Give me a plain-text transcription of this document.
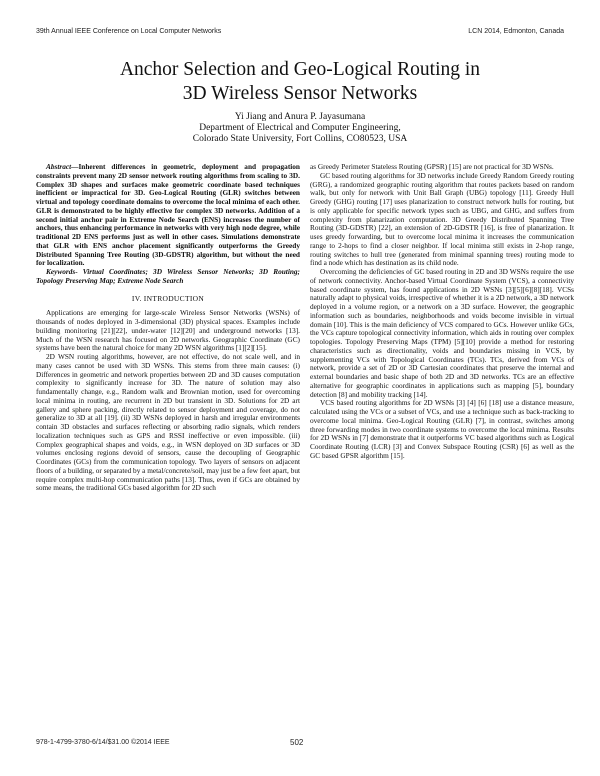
39th Annual IEEE Conference on Local Computer Networks	LCN 2014, Edmonton, Canada
Anchor Selection and Geo-Logical Routing in
3D Wireless Sensor Networks
Yi Jiang and Anura P. Jayasumana
Department of Electrical and Computer Engineering,
Colorado State University, Fort Collins, CO80523, USA

Abstract—Inherent differences in geometric, deployment and propagation constraints prevent many 2D sensor network routing algorithms from scaling to 3D. Complex 3D shapes and surfaces make geometric coordinate based techniques inefficient or impractical for 3D. Geo-Logical Routing (GLR) switches between virtual and topology coordinate domains to overcome the local minima of each other. GLR is demonstrated to be highly effective for complex 3D networks. Addition of a second initial anchor pair in Extreme Node Search (ENS) increases the number of anchors, thus enhancing performance in networks with very high node degree, while traditional 2D ENS performs just as well in other cases. Simulations demonstrate that GLR with ENS anchor placement significantly outperforms the Greedy Distributed Spanning Tree Routing (3D-GDSTR) algorithm, but without the need for localization.

Keywords- Virtual Coordinates; 3D Wireless Sensor Networks; 3D Routing; Topology Preserving Map; Extreme Node Search

IV. INTRODUCTION

Applications are emerging for large-scale Wireless Sensor Networks (WSNs) of thousands of nodes deployed in 3-dimensional (3D) physical spaces. Examples include building monitoring [21][22], under-water [12][20] and underground networks [13]. Much of the WSN research has focused on 2D networks. Geographic Coordinate (GC) systems have been the natural choice for many 2D WSN algorithms [1][2][15].

2D WSN routing algorithms, however, are not effective, do not scale well, and in many cases cannot be used with 3D WSNs. This stems from three main causes: (i) Differences in geometric and network properties between 2D and 3D causes computation complexity to significantly increase for 3D. The nature of solution may also fundamentally change, e.g., Random walk and Brownian motion, used for overcoming local minima in routing, are recurrent in 2D but transient in 3D. Solutions for 2D art gallery and sphere packing, directly related to sensor deployment and coverage, do not generalize to 3D at all [19]. (ii) 3D WSNs deployed in harsh and irregular environments contain 3D obstacles and surfaces reflecting or absorbing radio signals, which renders localization techniques such as GPS and RSSI ineffective or even impossible. (iii) Complex geographical shapes and voids, e.g., in WSN deployed on 3D surfaces or 3D volumes enclosing regions devoid of sensors, cause the decoupling of Geographic Coordinates (GCs) from the communication topology. Two layers of sensors on adjacent floors of a building, or separated by a metal/concrete/soil, may just be a few feet apart, but require complex multi-hop communication paths [13]. Thus, even if GCs are obtained by some means, the traditional GCs based algorithm for 2D such

as Greedy Perimeter Stateless Routing (GPSR) [15] are not practical for 3D WSNs.

GC based routing algorithms for 3D networks include Greedy Random Greedy routing (GRG), a randomized geographic routing algorithm that routes packets based on random walk, but only for network with Unit Ball Graph (UBG) topology [11]. Greedy Hull Greedy (GHG) routing [17] uses planarization to construct network hulls for routing, but is only applicable for specific network types such as UBG, and GHG, and suffers from complexity from planarization computation. 3D Greedy Distributed Spanning Tree Routing (3D-GDSTR) [22], an extension of 2D-GDSTR [16], is free of planarization. It uses greedy forwarding, but to overcome local minima it increases the communication range to 2-hops to find a closer neighbor. If local minima still exists in 2-hop range, routing switches to hull tree (generated from minimal spanning trees) routing mode to find a node which has destination as its child node.

Overcoming the deficiencies of GC based routing in 2D and 3D WSNs require the use of network connectivity. Anchor-based Virtual Coordinate System (VCS), a connectivity based coordinate system, has found applications in 2D WSNs [3][5][6][8][18]. VCSs naturally adapt to physical voids, irrespective of whether it is a 2D network, a 3D network deployed in a volume region, or a network on a 3D surface. However, the geographic information such as boundaries, neighborhoods and voids become invisible in virtual domain [10]. This is the main deficiency of VCS compared to GCs. However unlike GCs, the VCs capture topological connectivity information, which aids in routing over complex topologies. Topology Preserving Maps (TPM) [5][10] provide a method for restoring characteristics such as directionality, voids and boundaries missing in VCS, by supplementing VCs with Topological Coordinates (TCs). TCs, derived from VCs of network, provide a set of 2D or 3D Cartesian coordinates that preserve the internal and external boundaries and basic shape of both 2D and 3D networks. TCs are an effective alternative for geographic coordinates in applications such as mapping [5], boundary detection [8] and mobility tracking [14].

VCS based routing algorithms for 2D WSNs [3] [4] [6] [18] use a distance measure, calculated using the VCs or a subset of VCs, and use a technique such as back-tracking to overcome local minima. Geo-Logical Routing (GLR) [7], in contrast, switches among three forwarding modes in two coordinate systems to overcome the local minima. Results for 2D WSNs in [7] demonstrate that it outperforms VC based algorithms such as Logical Coordinate Routing (LCR) [3] and Convex Subspace Routing (CSR) [6] as well as the GC based GPSR algorithm [15].

978-1-4799-3780-6/14/$31.00 ©2014 IEEE	502
